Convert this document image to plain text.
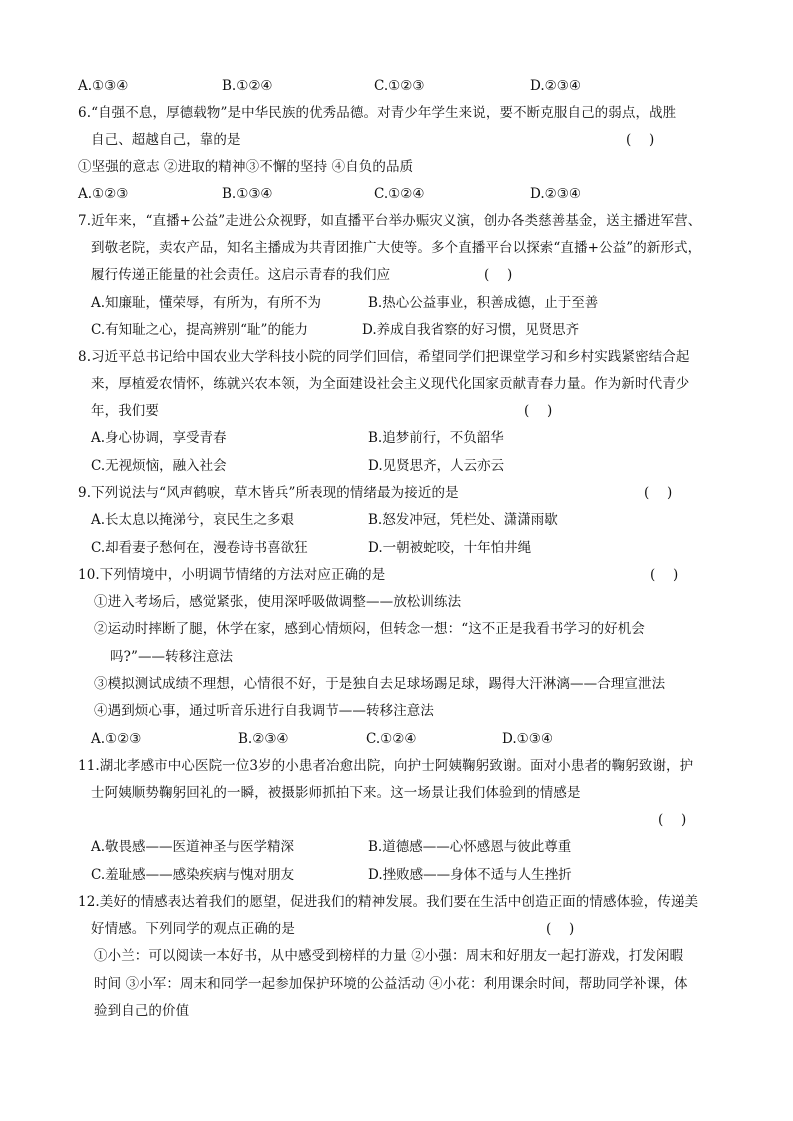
A.①③④	B.①②④	C.①②③	D.②③④
6.“自强不息，厚德载物”是中华民族的优秀品德。对青少年学生来说，要不断克服自己的弱点，战胜
自己、超越自己，靠的是	(　 )
①坚强的意志 ②进取的精神③不懈的坚持 ④自负的品质
A.①②③	B.①③④	C.①②④	D.②③④
7.近年来，“直播+公益”走进公众视野，如直播平台举办赈灾义演，创办各类慈善基金，送主播进军营、
到敬老院，卖农产品，知名主播成为共青团推广大使等。多个直播平台以探索“直播+公益”的新形式，
履行传递正能量的社会责任。这启示青春的我们应	(　 )
A.知廉耻，懂荣辱，有所为，有所不为	B.热心公益事业，积善成德，止于至善
C.有知耻之心，提高辨别“耻”的能力	D.养成自我省察的好习惯，见贤思齐
8.习近平总书记给中国农业大学科技小院的同学们回信，希望同学们把课堂学习和乡村实践紧密结合起
来，厚植爱农情怀，练就兴农本领，为全面建设社会主义现代化国家贡献青春力量。作为新时代青少
年，我们要	(　 )
A.身心协调，享受青春	B.追梦前行，不负韶华
C.无视烦恼，融入社会	D.见贤思齐，人云亦云
9.下列说法与“风声鹤唳，草木皆兵”所表现的情绪最为接近的是	(　 )
A.长太息以掩涕兮，哀民生之多艰	B.怒发冲冠，凭栏处、潇潇雨歇
C.却看妻子愁何在，漫卷诗书喜欲狂	D.一朝被蛇咬，十年怕井绳
10.下列情境中，小明调节情绪的方法对应正确的是	(　 )
①进入考场后，感觉紧张，使用深呼吸做调整——放松训练法
②运动时摔断了腿，休学在家，感到心情烦闷，但转念一想：“这不正是我看书学习的好机会
吗?”——转移注意法
③模拟测试成绩不理想，心情很不好，于是独自去足球场踢足球，踢得大汗淋漓——合理宣泄法
④遇到烦心事，通过听音乐进行自我调节——转移注意法
A.①②③	B.②③④	C.①②④	D.①③④
11.湖北孝感市中心医院一位3岁的小患者冶愈出院，向护士阿姨鞠躬致谢。面对小患者的鞠躬致谢，护
士阿姨顺势鞠躬回礼的一瞬，被摄影师抓拍下来。这一场景让我们体验到的情感是
(　 )
A.敬畏感——医道神圣与医学精深	B.道德感——心怀感恩与彼此尊重
C.羞耻感——感染疾病与愧对朋友	D.挫败感——身体不适与人生挫折
12.美好的情感表达着我们的愿望，促进我们的精神发展。我们要在生活中创造正面的情感体验，传递美
好情感。下列同学的观点正确的是	(　 )
①小兰：可以阅读一本好书，从中感受到榜样的力量 ②小强：周末和好朋友一起打游戏，打发闲暇
时间 ③小军：周末和同学一起参加保护环境的公益活动 ④小花：利用课余时间，帮助同学补课，体
验到自己的价值
